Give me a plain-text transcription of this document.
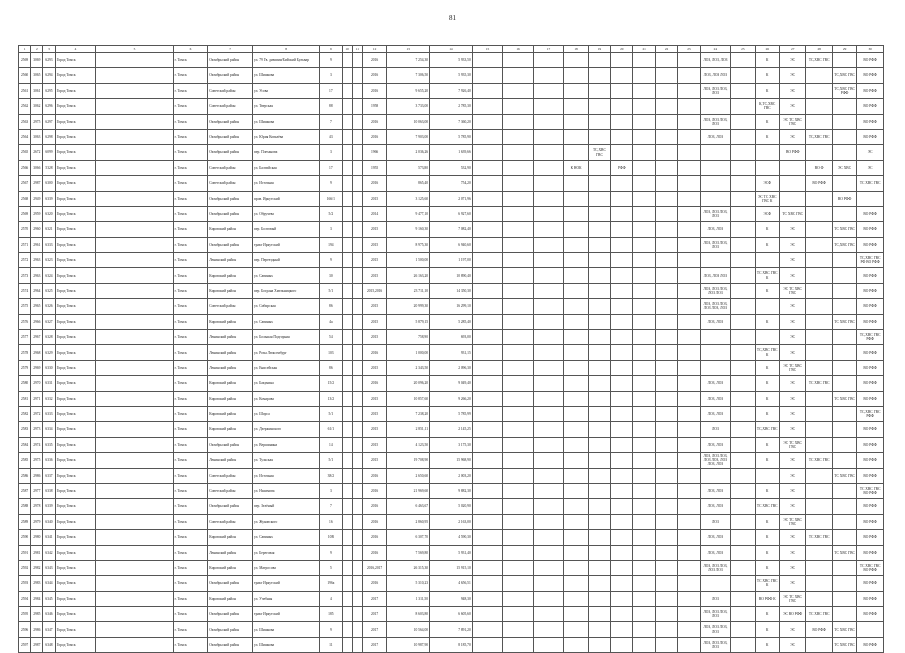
81
1	2	3	4	5	6	7	8	9	10	11	12	13	14	15	16	17	18	19	20	21	22	23	24	25	26	27	28	29	30
2569	3069	6293	Город Томск		г. Томск	Октябрьский район	ул. 79 Гв. дивизии/Бийский Бульвар	9			2016	7 254,30	5 933,50										ЛОЗ, ЛОЗ, ЛОЗ		К	ЭС	ТС,ХВС ГВС		ВО РФФ
2560	3065	6294	Город Томск		г. Томск	Октябрьский район	ул. Шишкова	3			2016	7 306,50	5 935,30										ЛОЗ, ЛОЗ ЛОЗ		К	ЭС		ТС,ХВС ГВС	ВО РФФ
2561	3061	6295	Город Томск		г. Томск	Советский район	ул. Усова	17			2016	9 655,20	7 926,40										ЛОЗ, ЛОЗ ЛОЗ, ЛОЗ		К	ЭС		ТС,ХВС ГВС РФФ	ВО РФФ
2562	3062	6296	Город Томск		г. Томск	Советский район	ул. Тверская	88			1958	3 733,00	2 785,30												К,ТС,ХВС ГВС	ЭС			ВО РФФ
2563	2975	6297	Город Томск		г. Томск	Октябрьский район	ул. Шишкова	7			2016	10 063,00	7 360,20										ЛОЗ, ЛОЗ ЛОЗ, ЛОЗ		К	ЭС ТС ХВС ГВС			ВО РФФ
2564	3063	6298	Город Томск		г. Томск	Октябрьский район	ул. Юрия Ковалёва	43			2016	7 903,00	5 785,90										ЛОЗ, ЛОЗ		К	ЭС	ТС,ХВС ГВС		ВО РФФ
2565	2672	6099	Город Томск		г. Томск	Октябрьский район	пер. Плеханова	3			1966	2 036,26	1 639,66					ТС,ХВС ГВС								ВО РФФ			ЭС
2566	3066	5328	Город Томск		г. Томск	Советский район	ул. Балтийская	17			1955	573,80	532,90				К НОК		РФФ								ВО Ф	ЭС ХВС	ЭС
2567	2987	6300	Город Томск		г. Томск	Советский район	ул. Источная	9			2016	865,40	754,20												ЭСФ		ВО РФФ		ТС ХВС ГВС
2568	2949	6339	Город Томск		г. Томск	Октябрьский район	пров. Иркутский	166/1			2015	3 125,60	2 071,96												ЭС ТС ХВС ГВС К			ВО РФФ	
2569	2959	6320	Город Томск		г. Томск	Октябрьский район	ул. Обручева	5/2			2014	9 477,10	6 927,60										ЛОЗ, ЛОЗ ЛОЗ, ЛОЗ		ЭСФ	ТС ХВС ГВС			ВО РФФ
2570	2960	6321	Город Томск		г. Томск	Кировский район	пер. Болтовый	3			2015	9 160,30	7 082,40										ЛОЗ, ЛОЗ		К	ЭС		ТС ХВС ГВС	ВО РФФ
2571	2961	6333	Город Томск		г. Томск	Октябрьский район	тракт Иркутский	194			2015	8 975,30	6 940,60										ЛОЗ, ЛОЗ ЛОЗ, ЛОЗ		К	ЭС		ТС,ХВС ГВС	ВО РФФ
2572	2963	6323	Город Томск		г. Томск	Ленинский район	пер. Переездный	9			2015	1 500,00	1 197,00													ЭС			ТС,ХВС ГВС РФ ВО РФФ
2573	2963	6324	Город Томск		г. Томск	Кировский район	ул. Савиных	30			2015	26 163,20	10 890,40										ЛОЗ, ЛОЗ ЛОЗ		ТС ХВС ГВС К	ЭС			ВО РФФ
2574	2964	6325	Город Томск		г. Томск	Кировский район	пер. Богдана Хмельницкого	5/1			2015,2016	23 711,10	14 350,30										ЛОЗ, ЛОЗ ЛОЗ, ЛОЗ ЛОЗ		К	ЭС ТС ХВС ГВС			ВО РФФ
2575	2965	6326	Город Томск		г. Томск	Советский район	ул. Сибирская	86			2015	20 999,30	16 299,10										ЛОЗ, ЛОЗ ЛОЗ, ЛОЗ ЛОЗ, ЛОЗ			ЭС			ВО РФФ
2576	2966	6327	Город Томск		г. Томск	Кировский район	ул. Савиных	4а			2015	5 879,15	5 285,40										ЛОЗ, ЛОЗ		К	ЭС		ТС ХВС ГВС	ВО РФФ
2577	2967	6328	Город Томск		г. Томск	Ленинский район	ул. Большая Подгорная	54			2015	758,90	693,00													ЭС			ТС,ХВС ГВС РФФ
2578	2968	6329	Город Томск		г. Томск	Ленинский район	ул. Розы Люксембург	103			2016	1 000,00	931,15												ТС,ХВС ГВС К	ЭС			ВО РФФ
2579	2969	6330	Город Томск		г. Томск	Ленинский район	ул. Енисейская	86			2015	2 343,50	2 096,30												К	ЭС ТС ХВС ГВС			ВО РФФ
2580	2970	6331	Город Томск		г. Томск	Кировский район	ул. Бакунина	15/2			2016	20 096,20	9 049,40										ЛОЗ, ЛОЗ		К	ЭС	ТС ХВС ГВС		ВО РФФ
2581	2971	6332	Город Томск		г. Томск	Кировский район	ул. Комарова	13/2			2015	10 857,60	9 266,20										ЛОЗ, ЛОЗ		К	ЭС		ТС ХВС ГВС	ВО РФФ
2582	2972	6333	Город Томск		г. Томск	Кировский район	ул. Шорса	5/1			2015	7 238,20	5 785,99										ЛОЗ, ЛОЗ		К	ЭС			ТС,ХВС ГВС РФФ
2583	2973	6334	Город Томск		г. Томск	Кировский район	ул. Дзержинского	61/1			2015	2 851,11	2 145,25										ЛОЗ		ТС,ХВС ГВС	ЭС			ВО РФФ
2584	2974	6335	Город Томск		г. Томск	Октябрьский район	ул. Вершинина	14			2015	4 123,50	3 175,30										ЛОЗ, ЛОЗ		К	ЭС ТС ХВС ГВС			ВО РФФ
2585	2975	6336	Город Томск		г. Томск	Ленинский район	ул. Тульская	5/1			2015	19 708,90	15 968,90										ЛОЗ, ЛОЗ ЛОЗ, ЛОЗ ЛОЗ, ЛОЗ ЛОЗ, ЛОЗ		К	ЭС	ТС ХВС ГВС		ВО РФФ
2586	2986	6337	Город Томск		г. Томск	Советский район	ул. Источная	38/2			2016	2 650,60	2 003,20													ЭС		ТС ХВС ГВС	ВО РФФ
2587	2977	6338	Город Томск		г. Томск	Советский район	ул. Нахимова	3			2016	21 969,60	9 882,30										ЛОЗ, ЛОЗ		К	ЭС			ТС ХВС ГВС ВО РФФ
2588	2978	6339	Город Томск		г. Томск	Октябрьский район	пер. Зелёный	7			2016	6 463,67	5 020,90										ЛОЗ, ЛОЗ		ТС ХВС ГВС	ЭС			ВО РФФ
2589	2979	6340	Город Томск		г. Томск	Советский район	ул. Жуковского	16			2016	2 860,95	2 163,00										ЛОЗ		К	ЭС ТС ХВС ГВС			ВО РФФ
2590	2980	6341	Город Томск		г. Томск	Кировский район	ул. Савиных	10В			2016	6 307,70	4 590,30										ЛОЗ, ЛОЗ		К	ЭС	ТС ХВС ГВС		ВО РФФ
2591	2981	6342	Город Томск		г. Томск	Ленинский район	ул. Береговая	9			2016	7 569,80	5 931,40										ЛОЗ, ЛОЗ		К	ЭС		ТС ХВС ГВС	ВО РФФ
2592	2982	6343	Город Томск		г. Томск	Кировский район	ул. Матросова	5			2016,2017	26 315,30	15 915,10										ЛОЗ, ЛОЗ ЛОЗ, ЛОЗ ЛОЗ		К	ЭС			ТС ХВС ГВС ВО РФФ
2593	2983	6344	Город Томск		г. Томск	Октябрьский район	тракт Иркутский	196а			2016	5 310,23	4 656,51												ТС ХВС ГВС К	ЭС			ВО РФФ
2594	2984	6345	Город Томск		г. Томск	Кировский район	ул. Учебная	4			2017	1 311,50	948,30										ЛОЗ		ВО РФФ К	ЭС ТС ХВС ГВС			ВО РФФ
2595	2985	6346	Город Томск		г. Томск	Октябрьский район	тракт Иркутский	185			2017	8 603,80	6 605,60										ЛОЗ, ЛОЗ ЛОЗ, ЛОЗ		К	ЭС ВО РФФ	ТС ХВС ГВС		ВО РФФ
2596	2986	6347	Город Томск		г. Томск	Октябрьский район	ул. Шишкова	9			2017	10 564,00	7 891,20										ЛОЗ, ЛОЗ ЛОЗ, ЛОЗ		К	ЭС	ВО РФФ	ТС ХВС ГВС	
2597	2987	6348	Город Томск		г. Томск	Октябрьский район	ул. Шишкова	11			2017	10 987,90	8 185,70										ЛОЗ, ЛОЗ ЛОЗ, ЛОЗ		К	ЭС		ТС ХВС ГВС	ВО РФФ
